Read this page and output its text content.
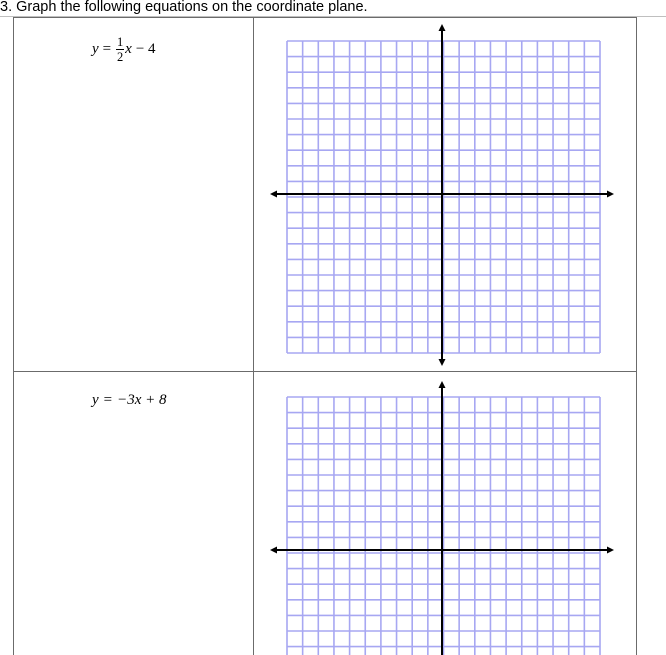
3. Graph the following equations on the coordinate plane.
$y = \frac{1}{2}$ x − 4
y = −3x + 8
